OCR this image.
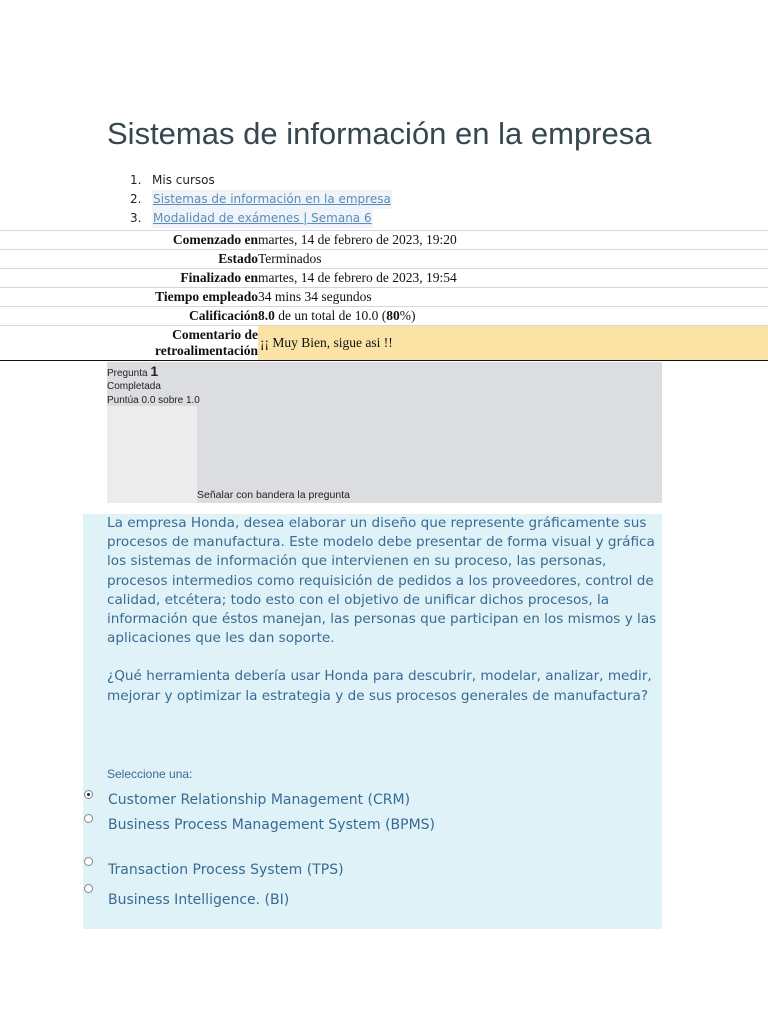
Sistemas de información en la empresa
1. Mis cursos
2. Sistemas de información en la empresa
3. Modalidad de exámenes | Semana 6
Comenzado en	martes, 14 de febrero de 2023, 19:20
Estado	Terminados
Finalizado en	martes, 14 de febrero de 2023, 19:54
Tiempo empleado	34 mins 34 segundos
Calificación	8.0 de un total de 10.0 (80%)
Comentario de
retroalimentación	¡¡ Muy Bien, sigue asi !!
Pregunta 1
Completada
Puntúa 0.0 sobre 1.0
Señalar con bandera la pregunta

La empresa Honda, desea elaborar un diseño que represente gráficamente sus procesos de manufactura. Este modelo debe presentar de forma visual y gráfica los sistemas de información que intervienen en su proceso, las personas, procesos intermedios como requisición de pedidos a los proveedores, control de calidad, etcétera; todo esto con el objetivo de unificar dichos procesos, la información que éstos manejan, las personas que participan en los mismos y las aplicaciones que les dan soporte.

¿Qué herramienta debería usar Honda para descubrir, modelar, analizar, medir, mejorar y optimizar la estrategia y de sus procesos generales de manufactura?

Seleccione una:
Customer Relationship Management (CRM)
Business Process Management System (BPMS)
Transaction Process System (TPS)
Business Intelligence. (BI)
